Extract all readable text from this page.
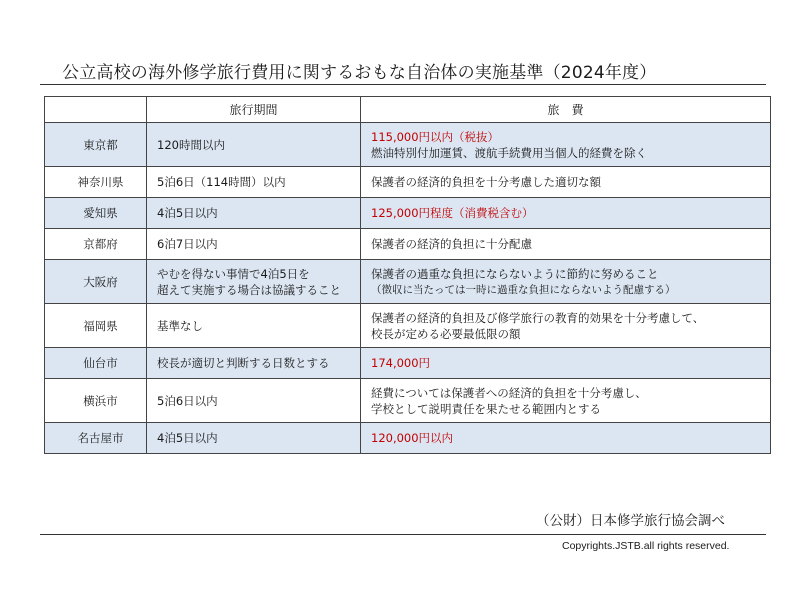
公立高校の海外修学旅行費用に関するおもな自治体の実施基準（2024年度）
	旅行期間	旅　費
東京都	120時間以内	115,000円以内（税抜）
燃油特別付加運賃、渡航手続費用当個人的経費を除く

神奈川県	5泊6日（114時間）以内	保護者の経済的負担を十分考慮した適切な額

愛知県	4泊5日以内	125,000円程度（消費税含む）

京都府	6泊7日以内	保護者の経済的負担に十分配慮

大阪府	やむを得ない事情で4泊5日を
超えて実施する場合は協議すること	保護者の過重な負担にならないように節約に努めること
（徴収に当たっては一時に過重な負担にならないよう配慮する）

福岡県	基準なし	保護者の経済的負担及び修学旅行の教育的効果を十分考慮して、
校長が定める必要最低限の額

仙台市	校長が適切と判断する日数とする	174,000円

横浜市	5泊6日以内	経費については保護者への経済的負担を十分考慮し、
学校として説明責任を果たせる範囲内とする

名古屋市	4泊5日以内	120,000円以内
（公財）日本修学旅行協会調べ
Copyrights.JSTB.all rights reserved.
